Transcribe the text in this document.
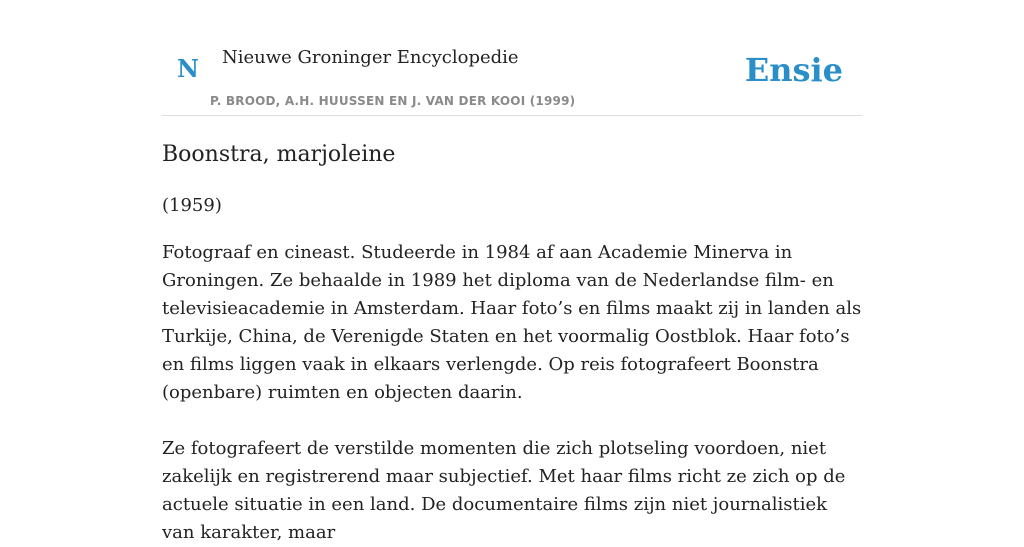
N Nieuwe Groninger Encyclopedie
P. BROOD, A.H. HUUSSEN EN J. VAN DER KOOI (1999)
Ensie
Boonstra, marjoleine

(1959)

Fotograaf en cineast. Studeerde in 1984 af aan Academie Minerva in Groningen. Ze behaalde in 1989 het diploma van de Nederlandse film- en televisieacademie in Amsterdam. Haar foto’s en films maakt zij in landen als Turkije, China, de Verenigde Staten en het voormalig Oostblok. Haar foto’s en films liggen vaak in elkaars verlengde. Op reis fotografeert Boonstra (openbare) ruimten en objecten daarin.

Ze fotografeert de verstilde momenten die zich plotseling voordoen, niet zakelijk en registrerend maar subjectief. Met haar films richt ze zich op de actuele situatie in een land. De documentaire films zijn niet journalistiek van karakter, maar
